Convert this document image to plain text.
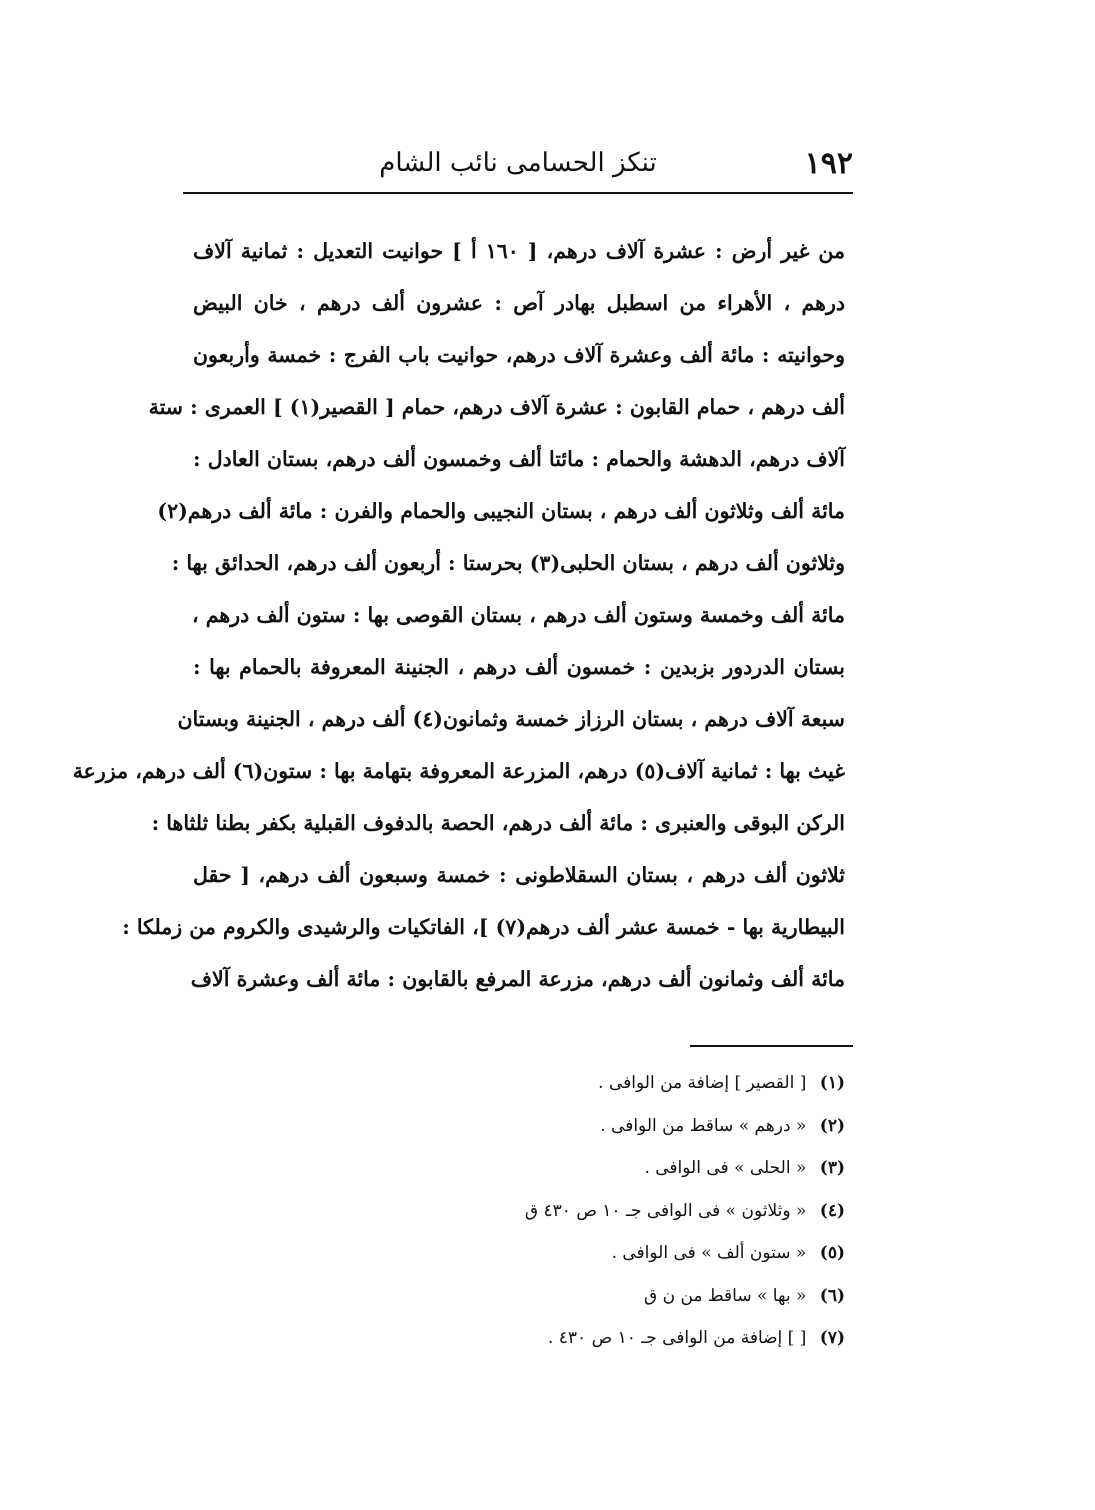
١٩٢
تنكز الحسامى نائب الشام
من غير أرض : عشرة آلاف درهم، [ ١٦٠ أ ] حوانيت التعديل : ثمانية آلاف
درهم ، الأهراء من اسطبل بهادر آص : عشرون ألف درهم ، خان البيض
وحوانيته : مائة ألف وعشرة آلاف درهم، حوانيت باب الفرج : خمسة وأربعون
ألف درهم ، حمام القابون : عشرة آلاف درهم، حمام [ القصير(١) ] العمرى : ستة
آلاف درهم، الدهشة والحمام : مائتا ألف وخمسون ألف درهم، بستان العادل :
مائة ألف وثلاثون ألف درهم ، بستان النجيبى والحمام والفرن : مائة ألف درهم(٢)
وثلاثون ألف درهم ، بستان الحلبى(٣) بحرستا : أربعون ألف درهم، الحدائق بها :
مائة ألف وخمسة وستون ألف درهم ، بستان القوصى بها : ستون ألف درهم ،
بستان الدردور بزبدين : خمسون ألف درهم ، الجنينة المعروفة بالحمام بها :
سبعة آلاف درهم ، بستان الرزاز خمسة وثمانون(٤) ألف درهم ، الجنينة وبستان
غيث بها : ثمانية آلاف(٥) درهم، المزرعة المعروفة بتهامة بها : ستون(٦) ألف درهم، مزرعة
الركن البوقى والعنبرى : مائة ألف درهم، الحصة بالدفوف القبلية بكفر بطنا ثلثاها :
ثلاثون ألف درهم ، بستان السقلاطونى : خمسة وسبعون ألف درهم، [ حقل
البيطارية بها - خمسة عشر ألف درهم(٧) ]، الفاتكيات والرشيدى والكروم من زملكا :
مائة ألف وثمانون ألف درهم، مزرعة المرفع بالقابون : مائة ألف وعشرة آلاف
(١) [ القصير ] إضافة من الوافى .
(٢) « درهم » ساقط من الوافى .
(٣) « الحلى » فى الوافى .
(٤) « وثلاثون » فى الوافى جـ ١٠ ص ٤٣٠ ق
(٥) « ستون ألف » فى الوافى .
(٦) « بها » ساقط من ن ق
(٧) [ ] إضافة من الوافى جـ ١٠ ص ٤٣٠ .
